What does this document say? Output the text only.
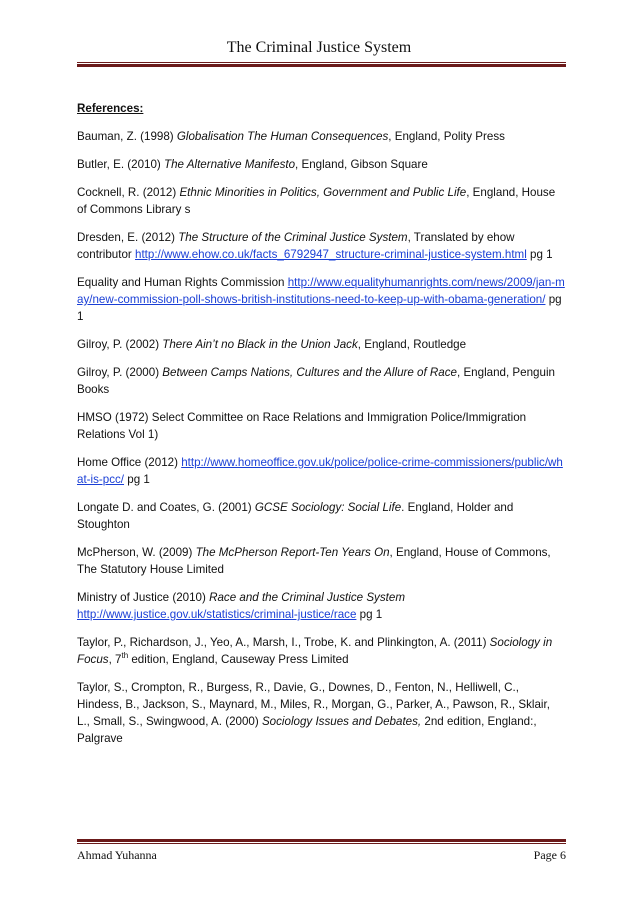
The Criminal Justice System

References:

Bauman, Z. (1998) Globalisation The Human Consequences, England, Polity Press

Butler, E. (2010) The Alternative Manifesto, England, Gibson Square

Cocknell, R. (2012) Ethnic Minorities in Politics, Government and Public Life, England, House of Commons Library s

Dresden, E. (2012) The Structure of the Criminal Justice System, Translated by ehow contributor http://www.ehow.co.uk/facts_6792947_structure-criminal-justice-system.html pg 1

Equality and Human Rights Commission http://www.equalityhumanrights.com/news/2009/jan-may/new-commission-poll-shows-british-institutions-need-to-keep-up-with-obama-generation/ pg 1

Gilroy, P. (2002) There Ain’t no Black in the Union Jack, England, Routledge

Gilroy, P. (2000) Between Camps Nations, Cultures and the Allure of Race, England, Penguin Books

HMSO (1972) Select Committee on Race Relations and Immigration Police/Immigration Relations Vol 1)

Home Office (2012) http://www.homeoffice.gov.uk/police/police-crime-commissioners/public/what-is-pcc/ pg 1

Longate D. and Coates, G. (2001) GCSE Sociology: Social Life. England, Holder and Stoughton

McPherson, W. (2009) The McPherson Report-Ten Years On, England, House of Commons, The Statutory House Limited

Ministry of Justice (2010) Race and the Criminal Justice System http://www.justice.gov.uk/statistics/criminal-justice/race pg 1

Taylor, P., Richardson, J., Yeo, A., Marsh, I., Trobe, K. and Plinkington, A. (2011) Sociology in Focus, 7th edition, England, Causeway Press Limited

Taylor, S., Crompton, R., Burgess, R., Davie, G., Downes, D., Fenton, N., Helliwell, C., Hindess, B., Jackson, S., Maynard, M., Miles, R., Morgan, G., Parker, A., Pawson, R., Sklair, L., Small, S., Swingwood, A. (2000) Sociology Issues and Debates, 2nd edition, England:, Palgrave

Ahmad Yuhanna	Page 6
